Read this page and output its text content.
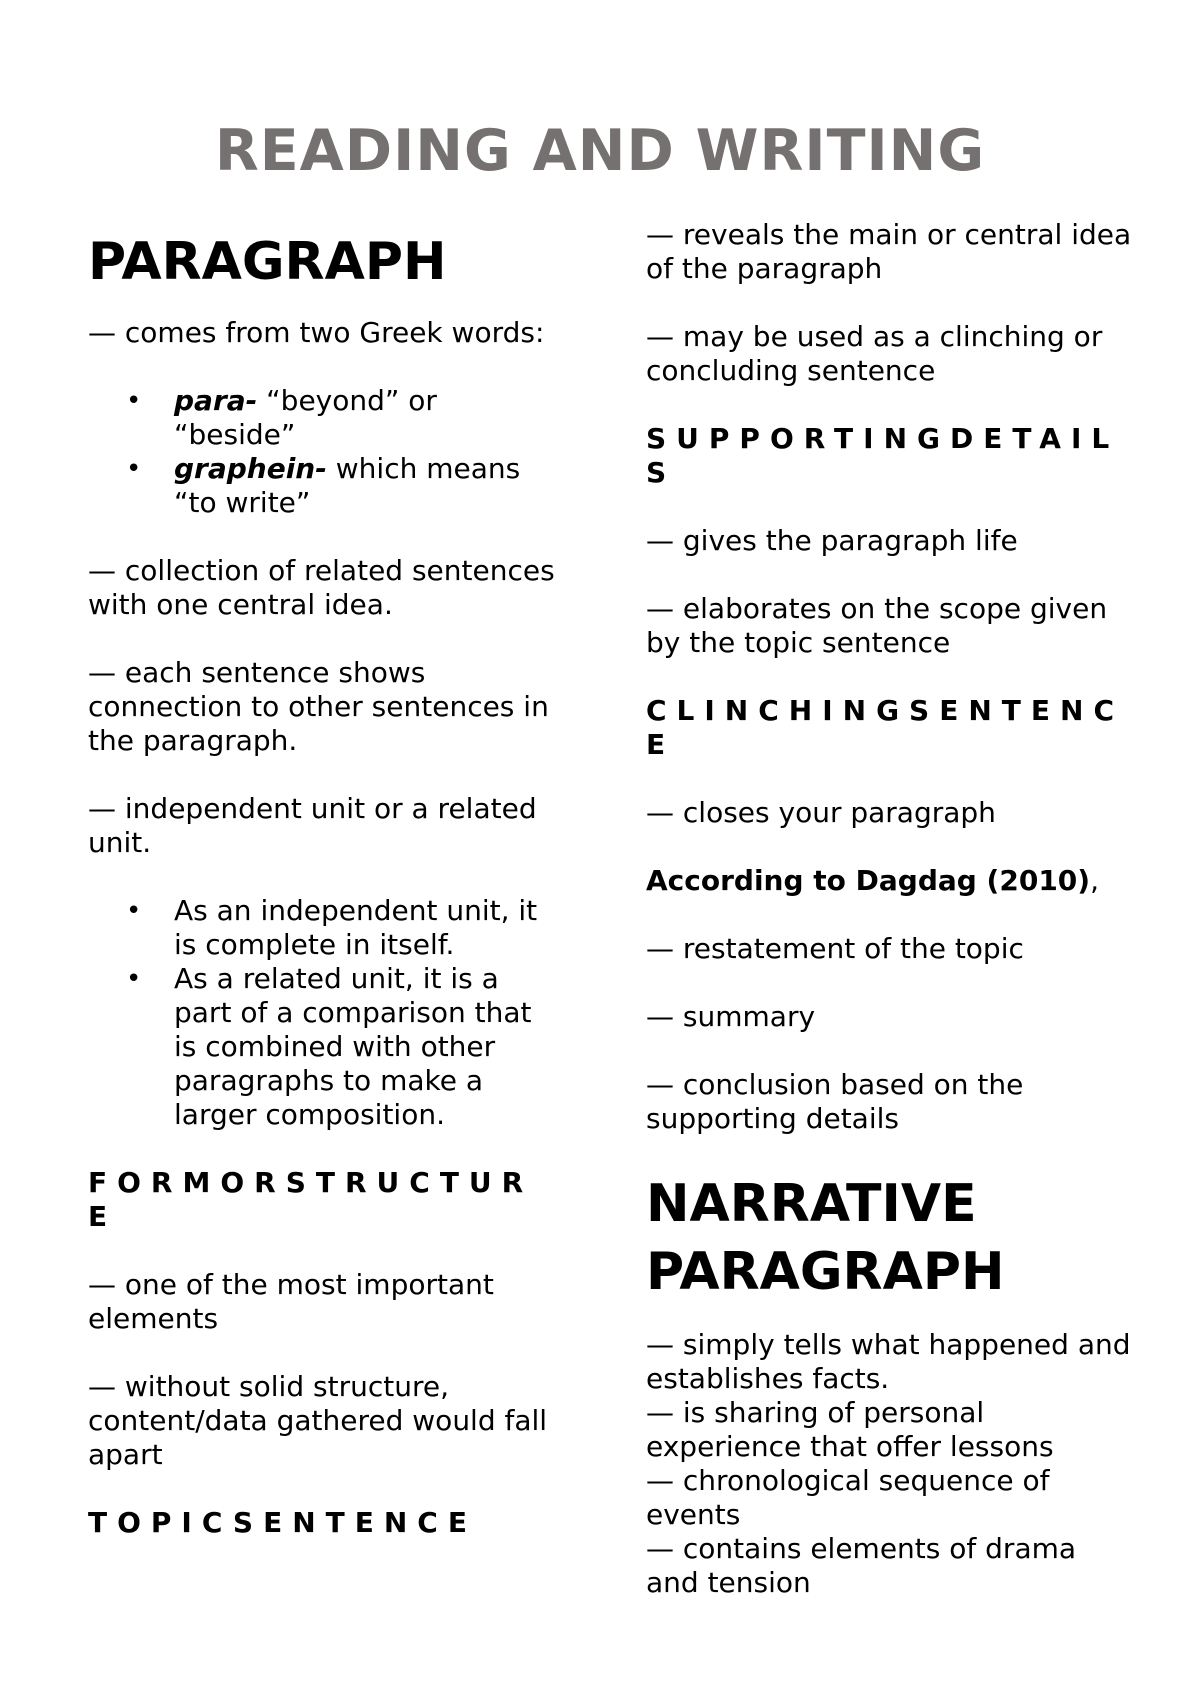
READING AND WRITING
PARAGRAPH
— comes from two Greek words:
• para- “beyond” or “beside”
• graphein- which means “to write”
— collection of related sentences with one central idea.
— each sentence shows connection to other sentences in the paragraph.
— independent unit or a related unit.
• As an independent unit, it is complete in itself.
• As a related unit, it is a part of a comparison that is combined with other paragraphs to make a larger composition.
FORMORSTRUCTURE
— one of the most important elements
— without solid structure, content/data gathered would fall apart
TOPICSENTENCE
— reveals the main or central idea of the paragraph
— may be used as a clinching or concluding sentence
SUPPORTINGDETAILS
— gives the paragraph life
— elaborates on the scope given by the topic sentence
CLINCHINGSENTENCE
— closes your paragraph
According to Dagdag (2010),
— restatement of the topic
— summary
— conclusion based on the supporting details
NARRATIVE PARAGRAPH
— simply tells what happened and establishes facts.
— is sharing of personal experience that offer lessons
— chronological sequence of events
— contains elements of drama and tension
